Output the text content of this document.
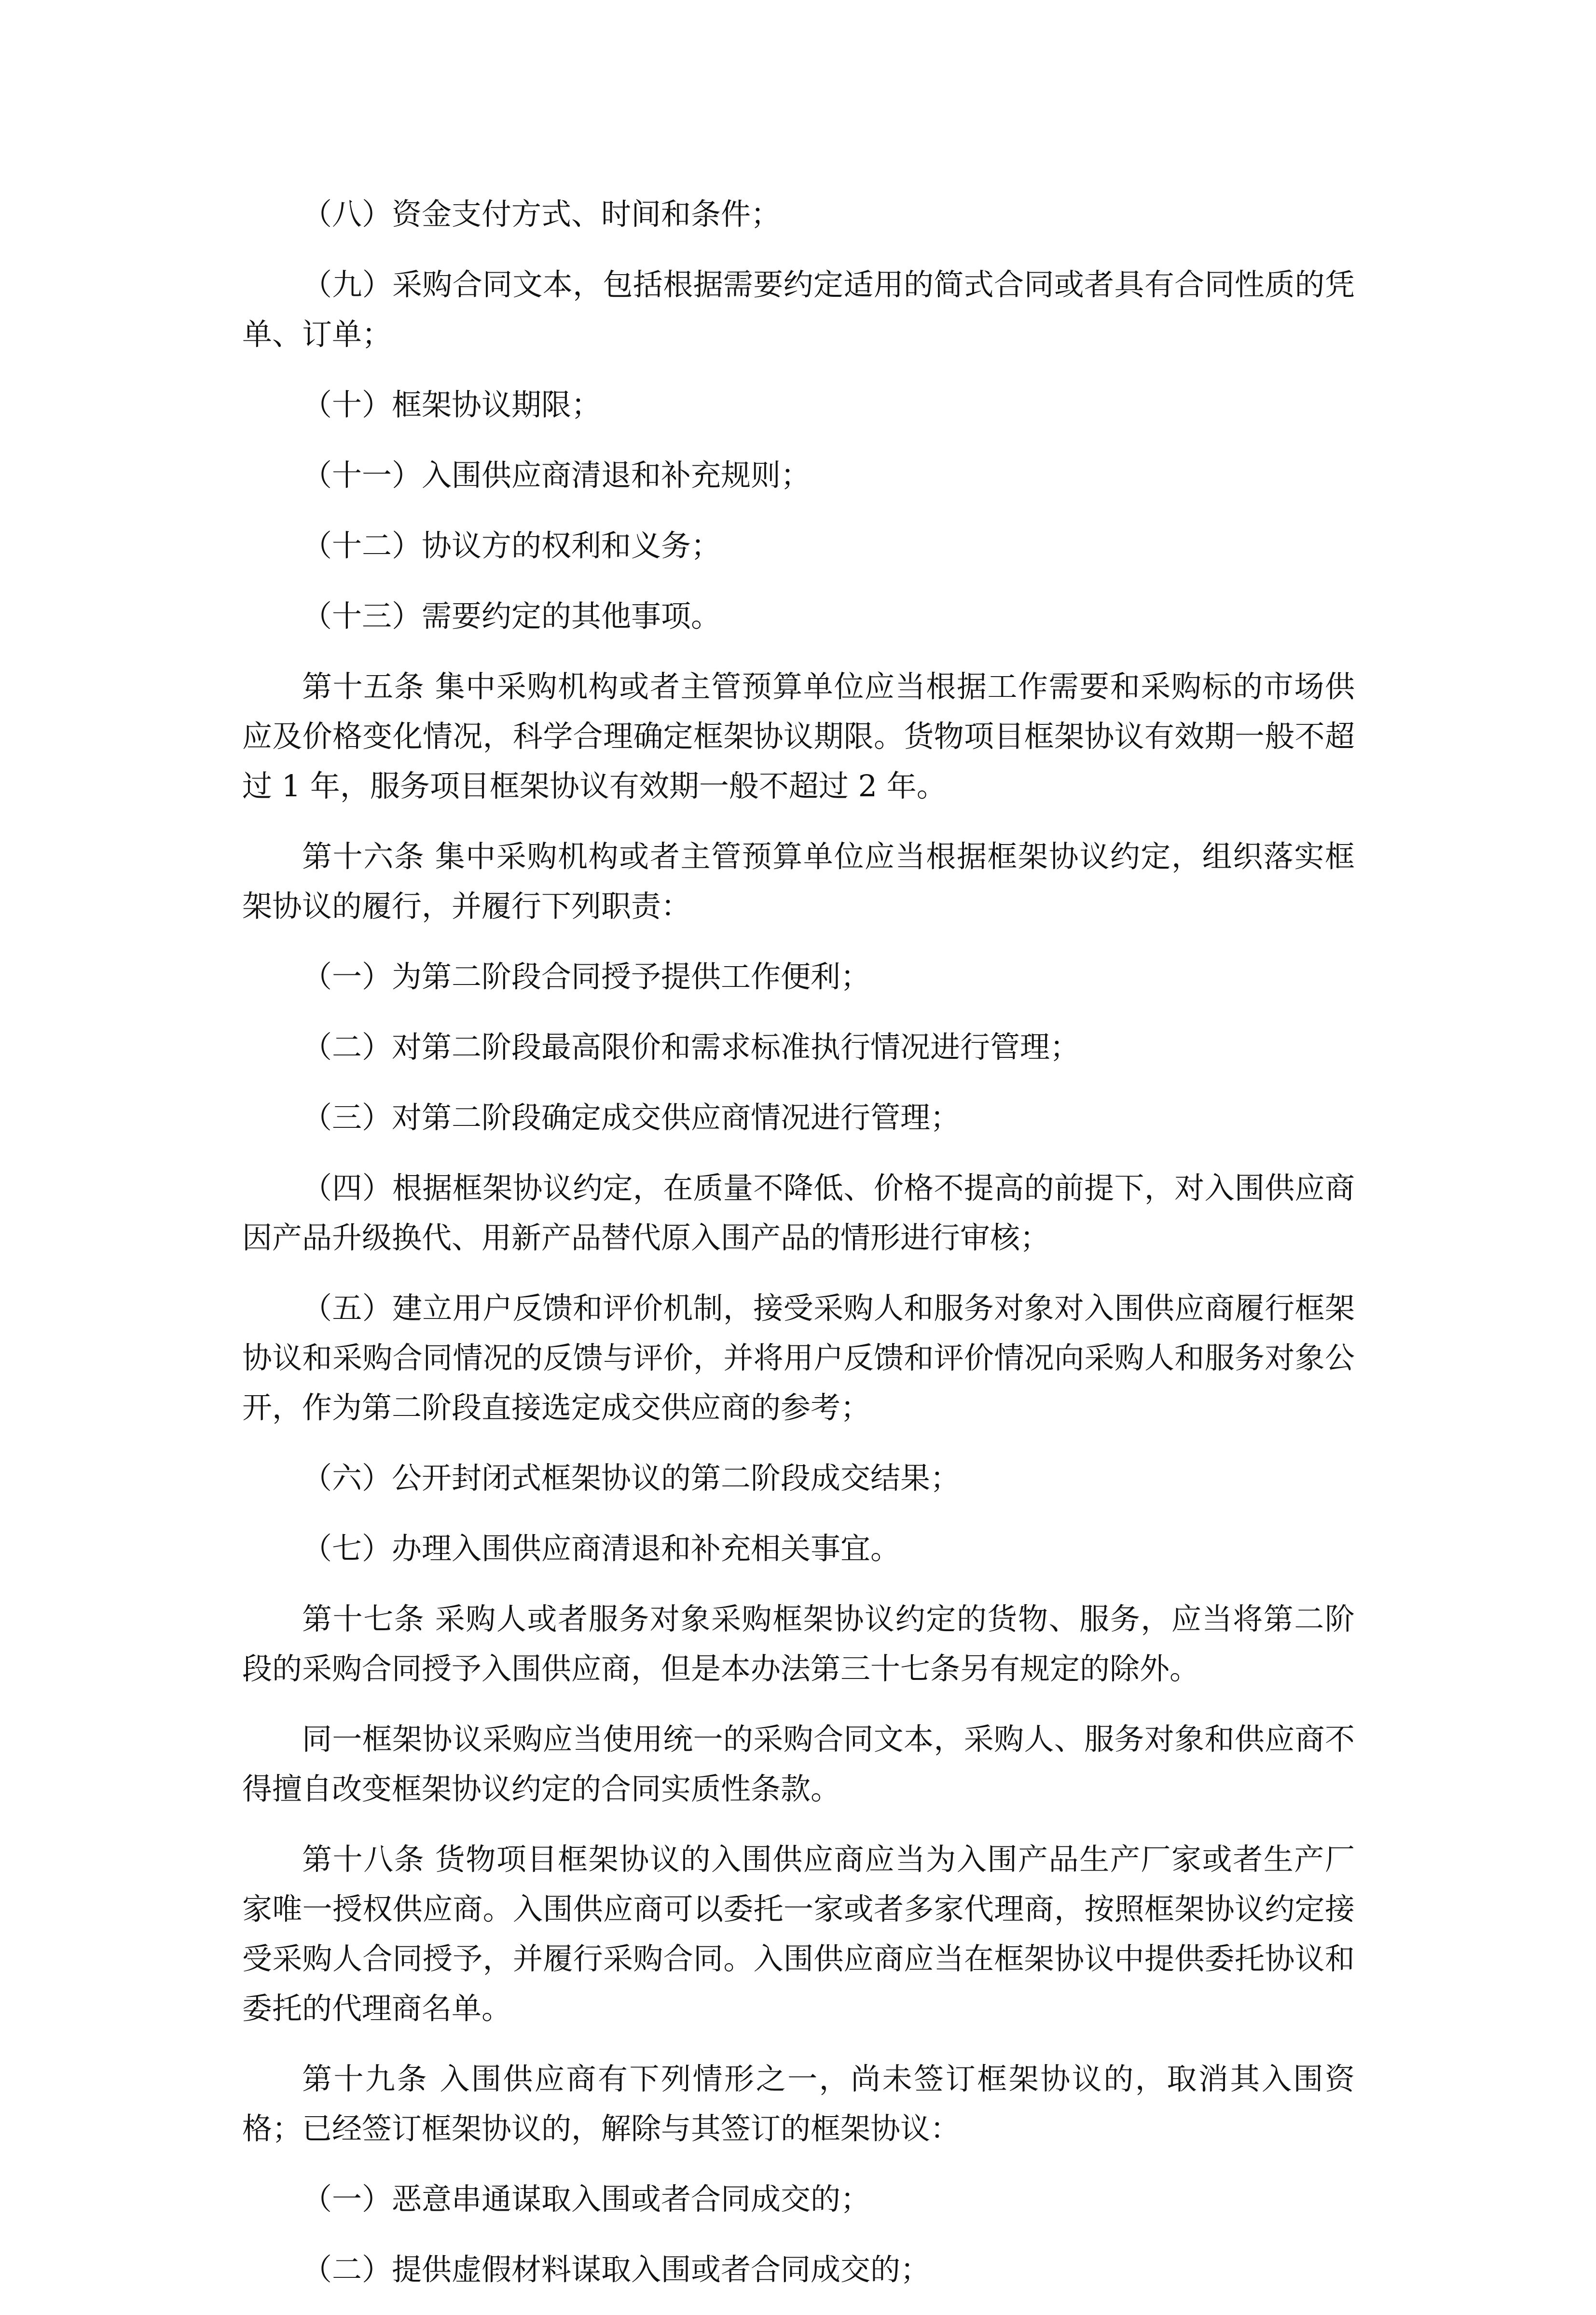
（八）资金支付方式、时间和条件；

（九）采购合同文本，包括根据需要约定适用的简式合同或者具有合同性质的凭单、订单；

（十）框架协议期限；

（十一）入围供应商清退和补充规则；

（十二）协议方的权利和义务；

（十三）需要约定的其他事项。

第十五条 集中采购机构或者主管预算单位应当根据工作需要和采购标的市场供应及价格变化情况，科学合理确定框架协议期限。货物项目框架协议有效期一般不超过 1 年，服务项目框架协议有效期一般不超过 2 年。

第十六条 集中采购机构或者主管预算单位应当根据框架协议约定，组织落实框架协议的履行，并履行下列职责：

（一）为第二阶段合同授予提供工作便利；

（二）对第二阶段最高限价和需求标准执行情况进行管理；

（三）对第二阶段确定成交供应商情况进行管理；

（四）根据框架协议约定，在质量不降低、价格不提高的前提下，对入围供应商因产品升级换代、用新产品替代原入围产品的情形进行审核；

（五）建立用户反馈和评价机制，接受采购人和服务对象对入围供应商履行框架协议和采购合同情况的反馈与评价，并将用户反馈和评价情况向采购人和服务对象公开，作为第二阶段直接选定成交供应商的参考；

（六）公开封闭式框架协议的第二阶段成交结果；

（七）办理入围供应商清退和补充相关事宜。

第十七条 采购人或者服务对象采购框架协议约定的货物、服务，应当将第二阶段的采购合同授予入围供应商，但是本办法第三十七条另有规定的除外。

同一框架协议采购应当使用统一的采购合同文本，采购人、服务对象和供应商不得擅自改变框架协议约定的合同实质性条款。

第十八条 货物项目框架协议的入围供应商应当为入围产品生产厂家或者生产厂家唯一授权供应商。入围供应商可以委托一家或者多家代理商，按照框架协议约定接受采购人合同授予，并履行采购合同。入围供应商应当在框架协议中提供委托协议和委托的代理商名单。

第十九条 入围供应商有下列情形之一，尚未签订框架协议的，取消其入围资格；已经签订框架协议的，解除与其签订的框架协议：

（一）恶意串通谋取入围或者合同成交的；

（二）提供虚假材料谋取入围或者合同成交的；
